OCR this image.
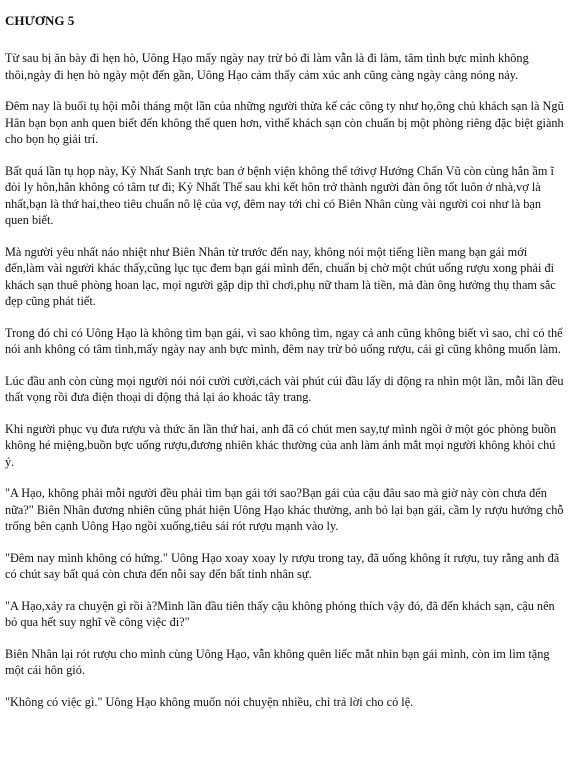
CHƯƠNG 5

Từ sau bị ăn bày đi hẹn hò, Uông Hạo mấy ngày nay trừ bỏ đi làm vẫn là đi làm, tâm tình bực mình không thôi,ngày đi hẹn hò ngày một đến gần, Uông Hạo cảm thấy cảm xúc anh cũng càng ngày càng nóng nảy.

Đêm nay là buổi tụ hội mỗi tháng một lần của những người thừa kế các công ty như họ,ông chủ khách sạn là Ngũ Hân bạn bọn anh quen biết đến không thể quen hơn, vìthế khách sạn còn chuẩn bị một phòng riêng đặc biệt giành cho bọn họ giải trí.

Bất quá lần tụ họp này, Kỷ Nhất Sanh trực ban ở bệnh viện không thể tớivợ Hướng Chấn Vũ còn cùng hắn ầm ĩ đòi ly hôn,hắn không có tâm tư đi; Kỷ Nhất Thế sau khi kết hôn trở thành người đàn ông tốt luôn ở nhà,vợ là nhất,bạn là thứ hai,theo tiêu chuẩn nô lệ của vợ, đêm nay tới chỉ có Biên Nhân cùng vài người coi như là bạn quen biết.

Mà người yêu nhất náo nhiệt như Biên Nhân từ trước đến nay, không nói một tiếng liền mang bạn gái mới đến,làm vài người khác thấy,cũng lục tục đem bạn gái mình đến, chuẩn bị chờ một chút uống rượu xong phải đi khách sạn thuê phòng hoan lạc, mọi người gặp dịp thì chơi,phụ nữ tham là tiền, mà đàn ông hưởng thụ tham sắc đẹp cũng phát tiết.

Trong đó chỉ có Uông Hạo là không tìm bạn gái, vì sao không tìm, ngay cả anh cũng không biết vì sao, chỉ có thể nói anh không có tâm tình,mấy ngày nay anh bực mình, đêm nay trừ bỏ uống rượu, cái gì cũng không muốn làm.

Lúc đầu anh còn cùng mọi người nói nói cười cười,cách vài phút cúi đầu lấy di động ra nhìn một lần, mỗi lần đều thất vọng rồi đưa điện thoại di động thả lại áo khoác tây trang.

Khi người phục vụ đưa rượu và thức ăn lần thứ hai, anh đã có chút men say,tự mình ngồi ở một góc phòng buồn không hé miệng,buồn bực uống rượu,đương nhiên khác thường của anh làm ánh mắt mọi người không khỏi chú ý.

"A Hạo, không phải mỗi người đều phải tìm bạn gái tới sao?Bạn gái của cậu đâu sao mà giờ này còn chưa đến nữa?" Biên Nhân đương nhiên cũng phát hiện Uông Hạo khác thường, anh bỏ lại bạn gái, cầm ly rượu hướng chỗ trống bên cạnh Uông Hạo ngồi xuống,tiêu sái rót rượu mạnh vào ly.

"Đêm nay mình không có hứng." Uông Hạo xoay xoay ly rượu trong tay, đã uống không ít rượu, tuy rằng anh đã có chút say bất quá còn chưa đến nỗi say đến bất tỉnh nhân sự.

"A Hạo,xảy ra chuyện gì rồi à?Mình lần đầu tiên thấy cậu không phóng thích vậy đó, đã đến khách sạn, cậu nên bỏ qua hết suy nghĩ về công việc đi?"

Biên Nhân lại rót rượu cho mình cùng Uông Hạo, vẫn không quên liếc mắt nhìn bạn gái mình, còn im lìm tặng một cái hôn gió.

"Không có việc gì." Uông Hạo không muốn nói chuyện nhiều, chỉ trả lời cho có lệ.
